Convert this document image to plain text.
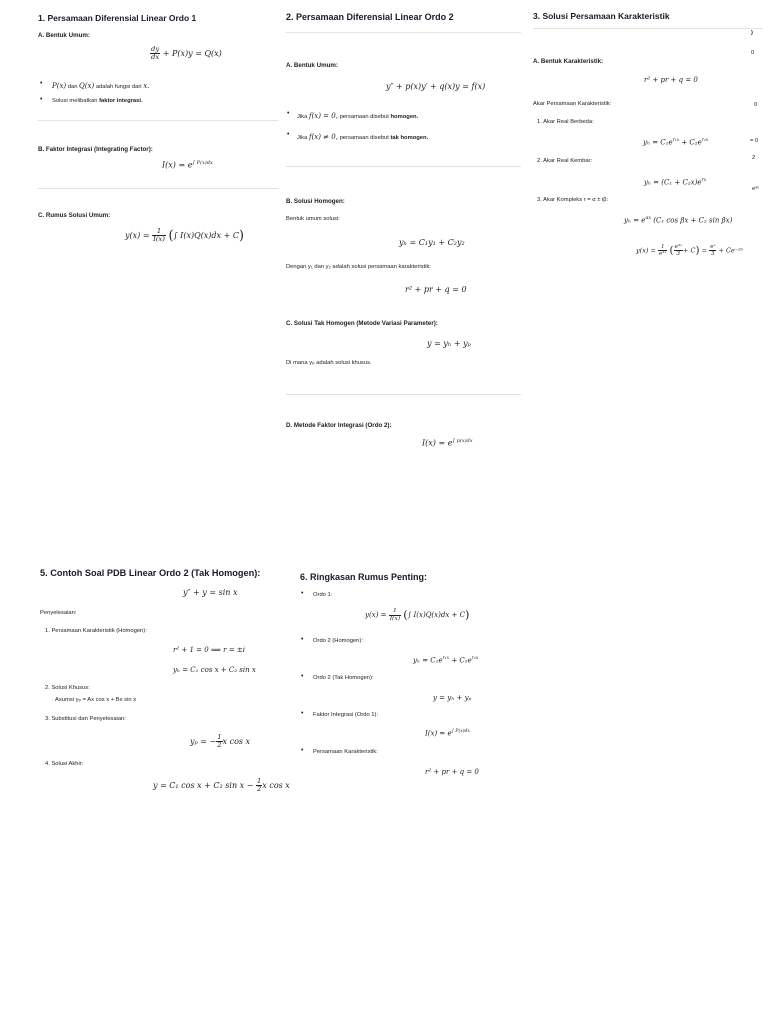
1. Persamaan Diferensial Linear Ordo 1
A. Bentuk Umum:
$\frac{dy}{dx} + P(x)y = Q(x)$
• P(x) dan Q(x) adalah fungsi dari x.
• Solusi melibatkan faktor integrasi.
B. Faktor Integrasi (Integrating Factor):
$I(x) = e^{\int P(x)dx}$
C. Rumus Solusi Umum:
$y(x) = \frac{1}{I(x)}$ (∫ I(x)Q(x)dx + C)
2. Persamaan Diferensial Linear Ordo 2
A. Bentuk Umum:
y″ + p(x)y′ + q(x)y = f(x)
• Jika f(x) = 0, persamaan disebut homogen.
• Jika f(x) ≠ 0, persamaan disebut tak homogen.
B. Solusi Homogen:
Bentuk umum solusi:
yₕ = C₁y₁ + C₂y₂
Dengan y₁ dan y₂ adalah solusi persamaan karakteristik:
r² + pr + q = 0
C. Solusi Tak Homogen (Metode Variasi Parameter):
y = yₕ + yₚ
Di mana yₚ adalah solusi khusus.
D. Metode Faktor Integrasi (Ordo 2):
$I(x) = e^{\int p(x)dx}$
3. Solusi Persamaan Karakteristik
A. Bentuk Karakteristik:
r² + pr + q = 0
Akar Persamaan Karakteristik:
1. Akar Real Berbeda:
$y_h = C_1e^{r_1x} + C_2e^{r_2x}$
2. Akar Real Kembar:
$y_h = (C_1 + C_2x)e^{rx}$
3. Akar Kompleks r = α ± iβ:
$y_h = e^{\alpha x}$ (C₁ cos βx + C₂ sin βx)
)
0
0
= 0
2
e²ˣ
$y(x) = \frac{1}{\text{e²ˣ}}$ ( $\frac{\text{e³ˣ}}{3} + C) = \frac{\text{eˣ}}{3}$ + Ce⁻²ˣ
5. Contoh Soal PDB Linear Ordo 2 (Tak Homogen):
y″ + y = sin x
Penyelesaian:
1. Persamaan Karakteristik (Homogen):
r² + 1 = 0 ⟹ r = ±i
yₕ = C₁ cos x + C₂ sin x
2. Solusi Khusus:
Asumsi yₚ = Ax cos x + Bx sin x
3. Substitusi dan Penyelesaian:
yₚ = − $\frac{1}{2}$ x cos x
4. Solusi Akhir:
y = C₁ cos x + C₂ $\sin x - \frac{1}{2}$ x cos x
6. Ringkasan Rumus Penting:
• Ordo 1:
$y(x) = \frac{1}{I(x)}$ (∫ I(x)Q(x)dx + C)
• Ordo 2 (Homogen):
$y_h = C_1e^{r_1x} + C_2e^{r_2x}$
• Ordo 2 (Tak Homogen):
y = yₕ + yₚ
• Faktor Integrasi (Ordo 1):
$I(x) = e^{\int P(x)dx}$
• Persamaan Karakteristik:
r² + pr + q = 0
